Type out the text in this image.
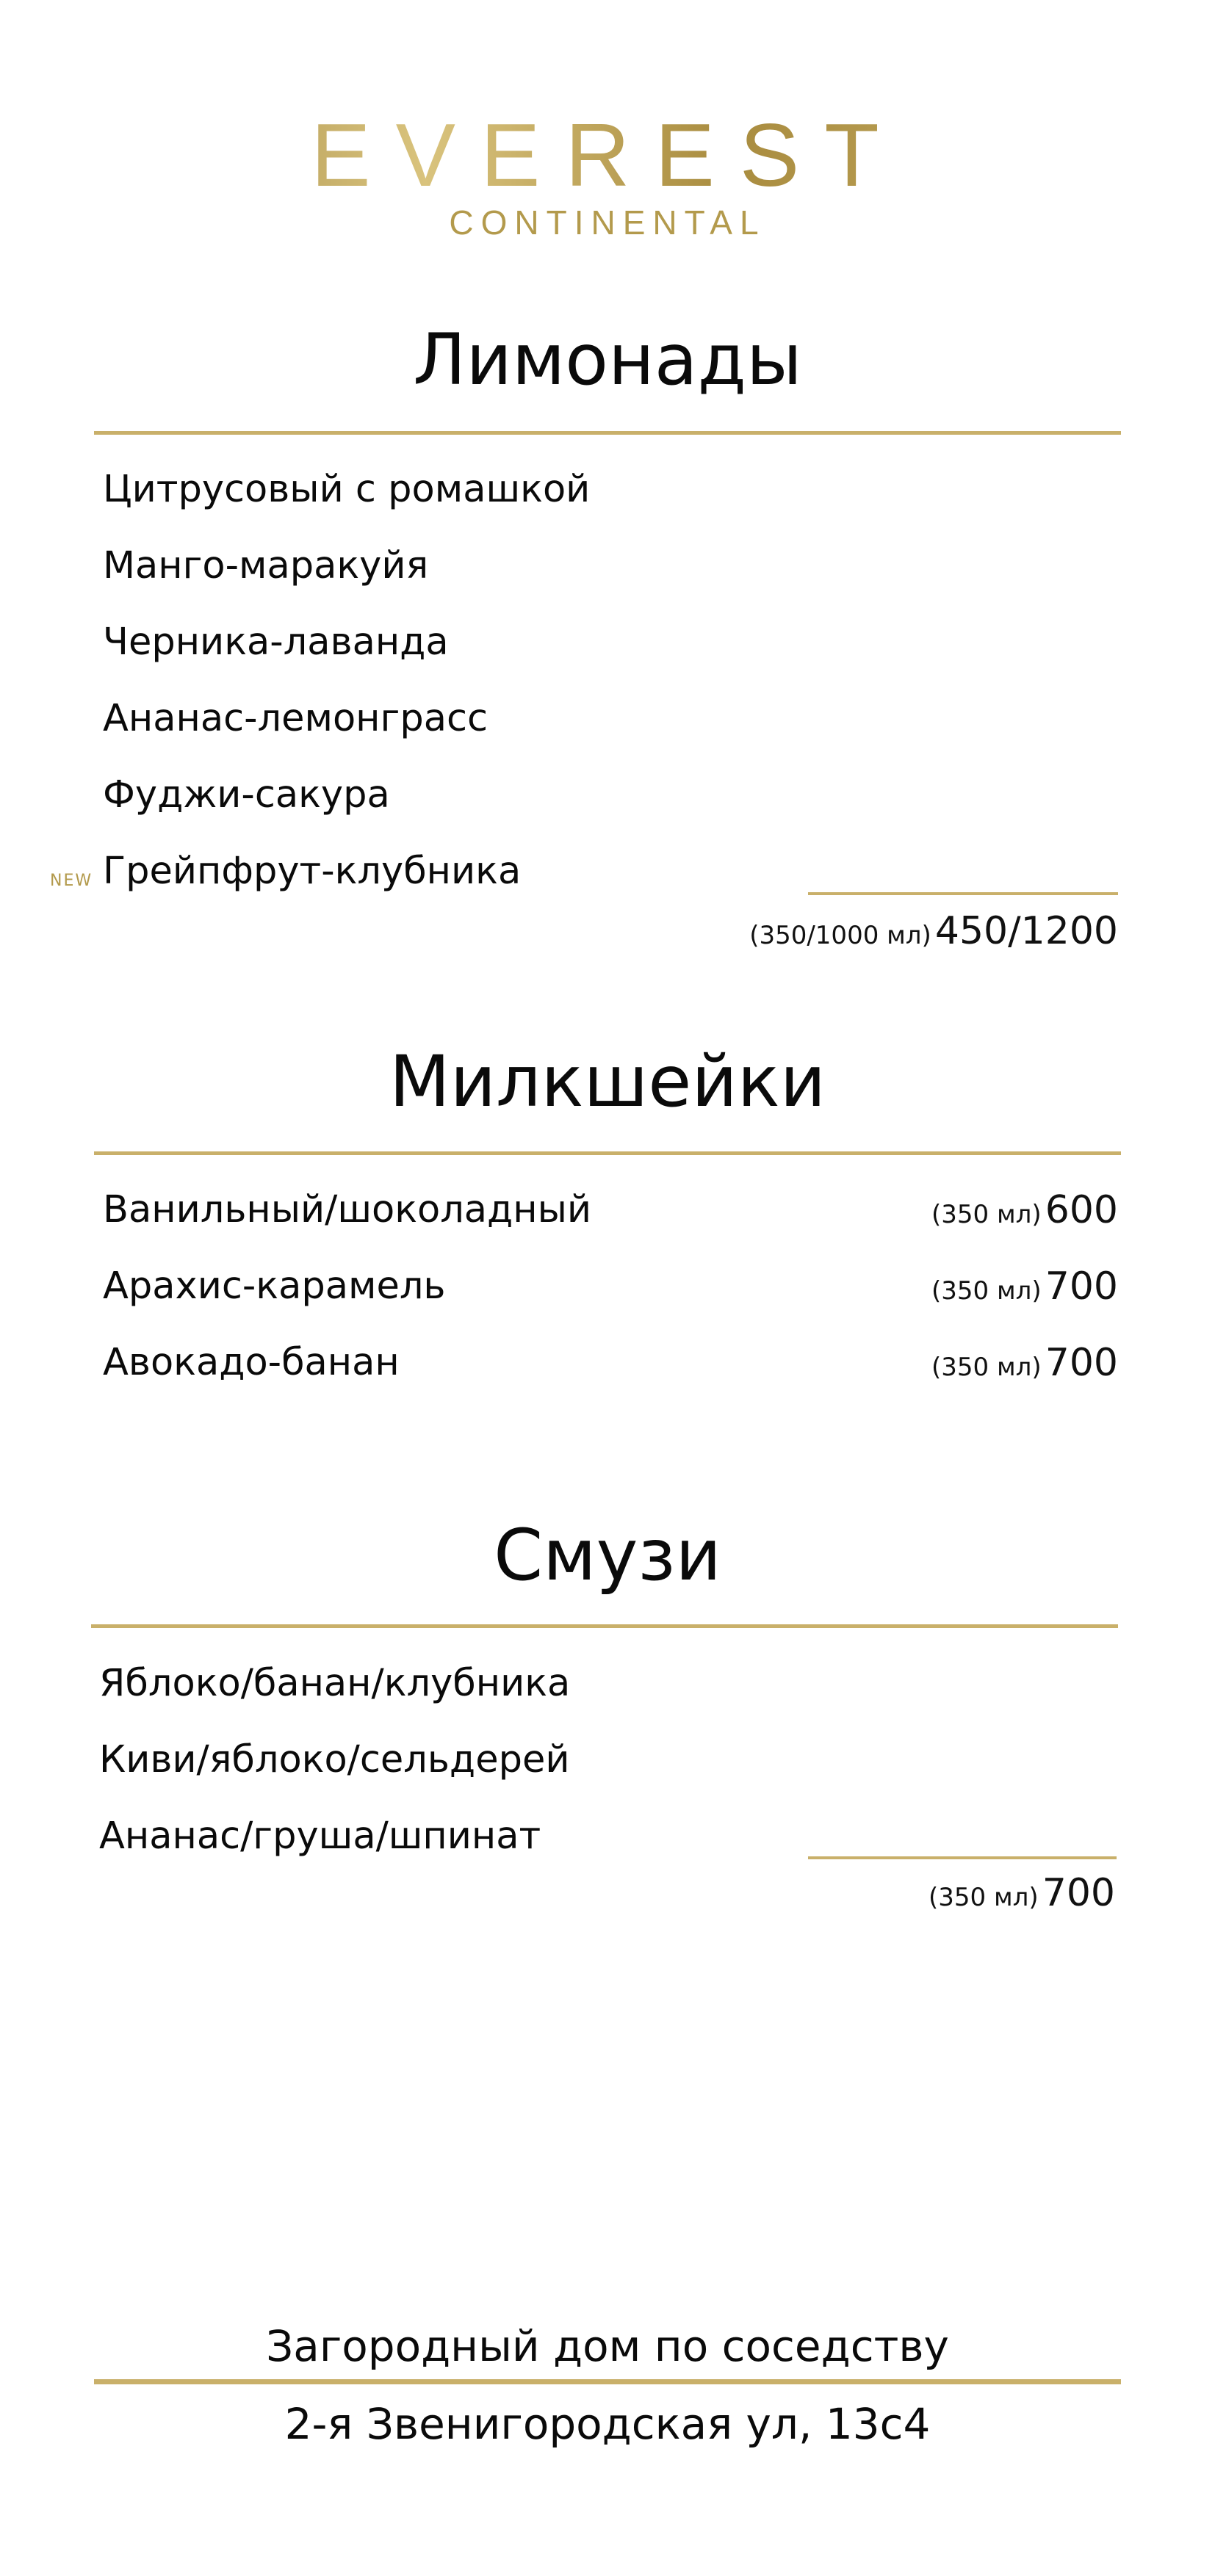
EVEREST
CONTINENTAL
Лимонады
Цитрусовый с ромашкой
Манго-маракуйя
Черника-лаванда
Ананас-лемонграсс
Фуджи-сакура
NEW Грейпфрут-клубника
(350/1000 мл) 450/1200
Милкшейки
Ванильный/шоколадный	(350 мл) 600
Арахис-карамель	(350 мл) 700
Авокадо-банан	(350 мл) 700
Смузи
Яблоко/банан/клубника
Киви/яблоко/сельдерей
Ананас/груша/шпинат
(350 мл) 700
Загородный дом по соседству
2-я Звенигородская ул, 13с4
